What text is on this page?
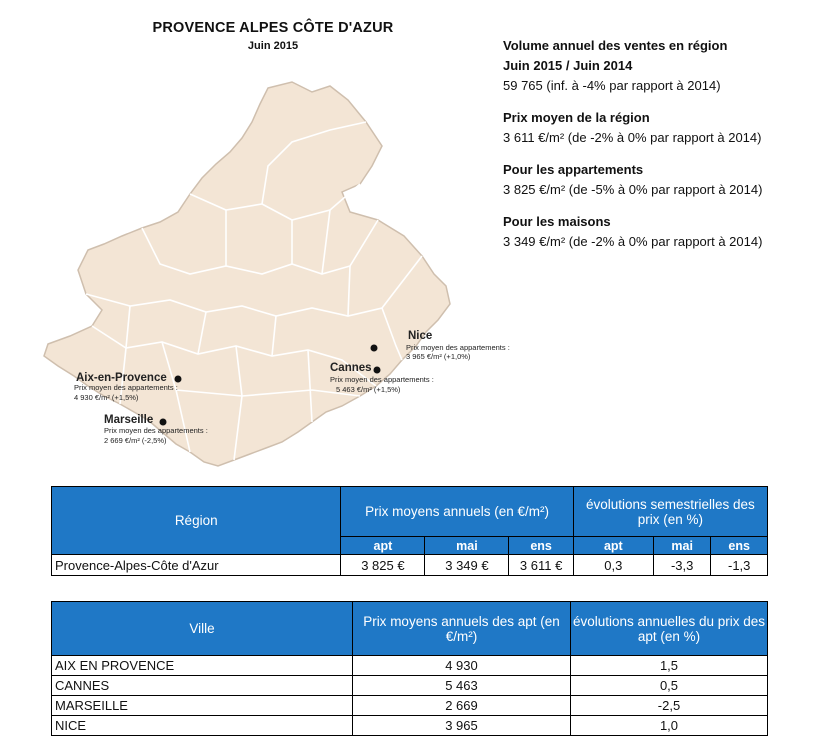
PROVENCE ALPES CÔTE D'AZUR
Juin 2015
Nice
Prix moyen des appartements :
3 965 €/m² (+1,0%)
Cannes
Prix moyen des appartements :
5 463 €/m² (+1,5%)
Aix-en-Provence
Prix moyen des appartements :
4 930 €/m² (+1,5%)
Marseille
Prix moyen des appartements :
2 669 €/m² (-2,5%)
Volume annuel des ventes en région
Juin 2015 / Juin 2014
59 765 (inf. à -4% par rapport à 2014)
Prix moyen de la région
3 611 €/m² (de -2% à 0% par rapport à 2014)
Pour les appartements
3 825 €/m² (de -5% à 0% par rapport à 2014)
Pour les maisons
3 349 €/m² (de -2% à 0% par rapport à 2014)
Région	Prix moyens annuels (en €/m²)			évolutions semestrielles des prix (en %)		
	apt	mai	ens	apt	mai	ens
Provence-Alpes-Côte d'Azur	3 825 €	3 349 €	3 611 €	0,3	-3,3	-1,3
Ville	Prix moyens annuels des apt (en €/m²)	évolutions annuelles du prix des apt (en %)
AIX EN PROVENCE	4 930	1,5
CANNES	5 463	0,5
MARSEILLE	2 669	-2,5
NICE	3 965	1,0
